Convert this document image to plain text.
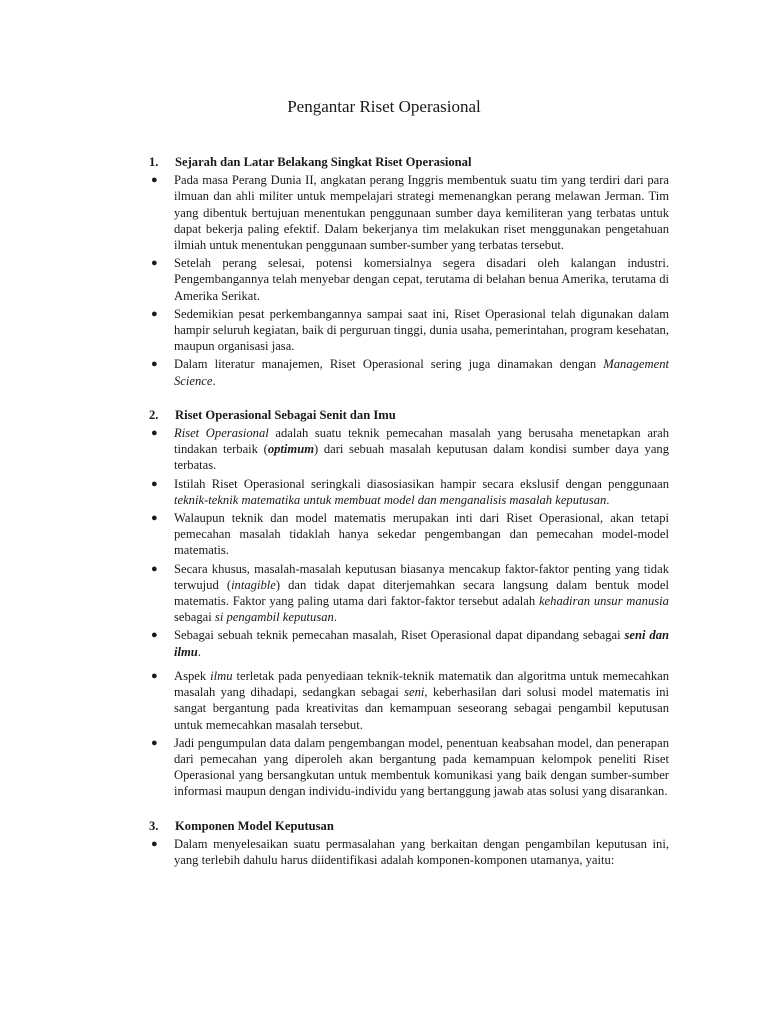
Pengantar Riset Operasional
1.	Sejarah dan Latar Belakang Singkat Riset Operasional
● Pada masa Perang Dunia II, angkatan perang Inggris membentuk suatu tim yang terdiri dari para ilmuan dan ahli militer untuk mempelajari strategi memenangkan perang melawan Jerman. Tim yang dibentuk bertujuan menentukan penggunaan sumber daya kemiliteran yang terbatas untuk dapat bekerja paling efektif. Dalam bekerjanya tim melakukan riset menggunakan pengetahuan ilmiah untuk menentukan penggunaan sumber-sumber yang terbatas tersebut.
● Setelah perang selesai, potensi komersialnya segera disadari oleh kalangan industri. Pengembangannya telah menyebar dengan cepat, terutama di belahan benua Amerika, terutama di Amerika Serikat.
● Sedemikian pesat perkembangannya sampai saat ini, Riset Operasional telah digunakan dalam hampir seluruh kegiatan, baik di perguruan tinggi, dunia usaha, pemerintahan, program kesehatan, maupun organisasi jasa.
● Dalam literatur manajemen, Riset Operasional sering juga dinamakan dengan Management Science.
2.	Riset Operasional Sebagai Senit dan Imu
● Riset Operasional adalah suatu teknik pemecahan masalah yang berusaha menetapkan arah tindakan terbaik (optimum) dari sebuah masalah keputusan dalam kondisi sumber daya yang terbatas.
● Istilah Riset Operasional seringkali diasosiasikan hampir secara ekslusif dengan penggunaan teknik-teknik matematika untuk membuat model dan menganalisis masalah keputusan.
● Walaupun teknik dan model matematis merupakan inti dari Riset Operasional, akan tetapi pemecahan masalah tidaklah hanya sekedar pengembangan dan pemecahan model-model matematis.
● Secara khusus, masalah-masalah keputusan biasanya mencakup faktor-faktor penting yang tidak terwujud (intagible) dan tidak dapat diterjemahkan secara langsung dalam bentuk model matematis. Faktor yang paling utama dari faktor-faktor tersebut adalah kehadiran unsur manusia sebagai si pengambil keputusan.
● Sebagai sebuah teknik pemecahan masalah, Riset Operasional dapat dipandang sebagai seni dan ilmu.
● Aspek ilmu terletak pada penyediaan teknik-teknik matematik dan algoritma untuk memecahkan masalah yang dihadapi, sedangkan sebagai seni, keberhasilan dari solusi model matematis ini sangat bergantung pada kreativitas dan kemampuan seseorang sebagai pengambil keputusan untuk memecahkan masalah tersebut.
● Jadi pengumpulan data dalam pengembangan model, penentuan keabsahan model, dan penerapan dari pemecahan yang diperoleh akan bergantung pada kemampuan kelompok peneliti Riset Operasional yang bersangkutan untuk membentuk komunikasi yang baik dengan sumber-sumber informasi maupun dengan individu-individu yang bertanggung jawab atas solusi yang disarankan.
3.	Komponen Model Keputusan
● Dalam menyelesaikan suatu permasalahan yang berkaitan dengan pengambilan keputusan ini, yang terlebih dahulu harus diidentifikasi adalah komponen-komponen utamanya, yaitu:
